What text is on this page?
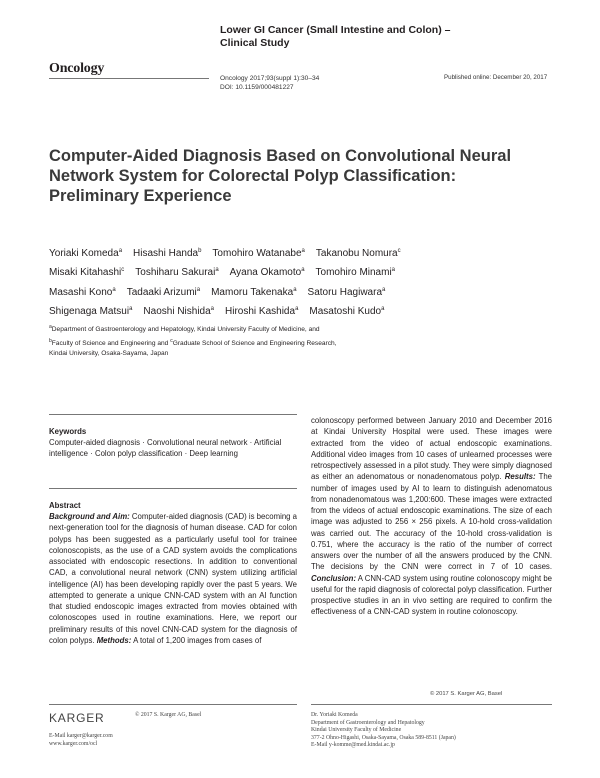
Lower GI Cancer (Small Intestine and Colon) –
Clinical Study
Oncology
Oncology 2017;93(suppl 1):30–34
DOI: 10.1159/000481227
Published online: December 20, 2017
Computer-Aided Diagnosis Based on Convolutional Neural Network System for Colorectal Polyp Classification: Preliminary Experience
Yoriaki Komeda$^a$ Hisashi Handa$^b$ Tomohiro Watanabe$^a$ Takanobu Nomura$^c$
Misaki Kitahashi$^c$ Toshiharu Sakurai$^a$ Ayana Okamoto$^a$ Tomohiro Minami$^a$
Masashi Kono$^a$ Tadaaki Arizumi$^a$ Mamoru Takenaka$^a$ Satoru Hagiwara$^a$
Shigenaga Matsui$^a$ Naoshi Nishida$^a$ Hiroshi Kashida$^a$ Masatoshi Kudo$^a$
$^a$Department of Gastroenterology and Hepatology, Kindai University Faculty of Medicine, and
$^b$Faculty of Science and Engineering and $^c$Graduate School of Science and Engineering Research,
Kindai University, Osaka-Sayama, Japan
Keywords
Computer-aided diagnosis · Convolutional neural network · Artificial intelligence · Colon polyp classification · Deep learning
Abstract
Background and Aim: Computer-aided diagnosis (CAD) is becoming a next-generation tool for the diagnosis of human disease. CAD for colon polyps has been suggested as a particularly useful tool for trainee colonoscopists, as the use of a CAD system avoids the complications associated with endoscopic resections. In addition to conventional CAD, a convolutional neural network (CNN) system utilizing artificial intelligence (AI) has been developing rapidly over the past 5 years. We attempted to generate a unique CNN-CAD system with an AI function that studied endoscopic images extracted from movies obtained with colonoscopes used in routine examinations. Here, we report our preliminary results of this novel CNN-CAD system for the diagnosis of colon polyps. Methods: A total of 1,200 images from cases of
colonoscopy performed between January 2010 and December 2016 at Kindai University Hospital were used. These images were extracted from the video of actual endoscopic examinations. Additional video images from 10 cases of unlearned processes were retrospectively assessed in a pilot study. They were simply diagnosed as either an adenomatous or nonadenomatous polyp. Results: The number of images used by AI to learn to distinguish adenomatous from nonadenomatous was 1,200:600. These images were extracted from the videos of actual endoscopic examinations. The size of each image was adjusted to 256 × 256 pixels. A 10-hold cross-validation was carried out. The accuracy of the 10-hold cross-validation is 0.751, where the accuracy is the ratio of the number of correct answers over the number of all the answers produced by the CNN. The decisions by the CNN were correct in 7 of 10 cases. Conclusion: A CNN-CAD system using routine colonoscopy might be useful for the rapid diagnosis of colorectal polyp classification. Further prospective studies in an in vivo setting are required to confirm the effectiveness of a CNN-CAD system in routine colonoscopy.
© 2017 S. Karger AG, Basel
KARGER	© 2017 S. Karger AG, Basel
E-Mail karger@karger.com
www.karger.com/ocl
Dr. Yoriaki Komeda
Department of Gastroenterology and Hepatology
Kindai University Faculty of Medicine
377-2 Ohno-Higashi, Osaka-Sayama, Osaka 589-8511 (Japan)
E-Mail y-komme@med.kindai.ac.jp
